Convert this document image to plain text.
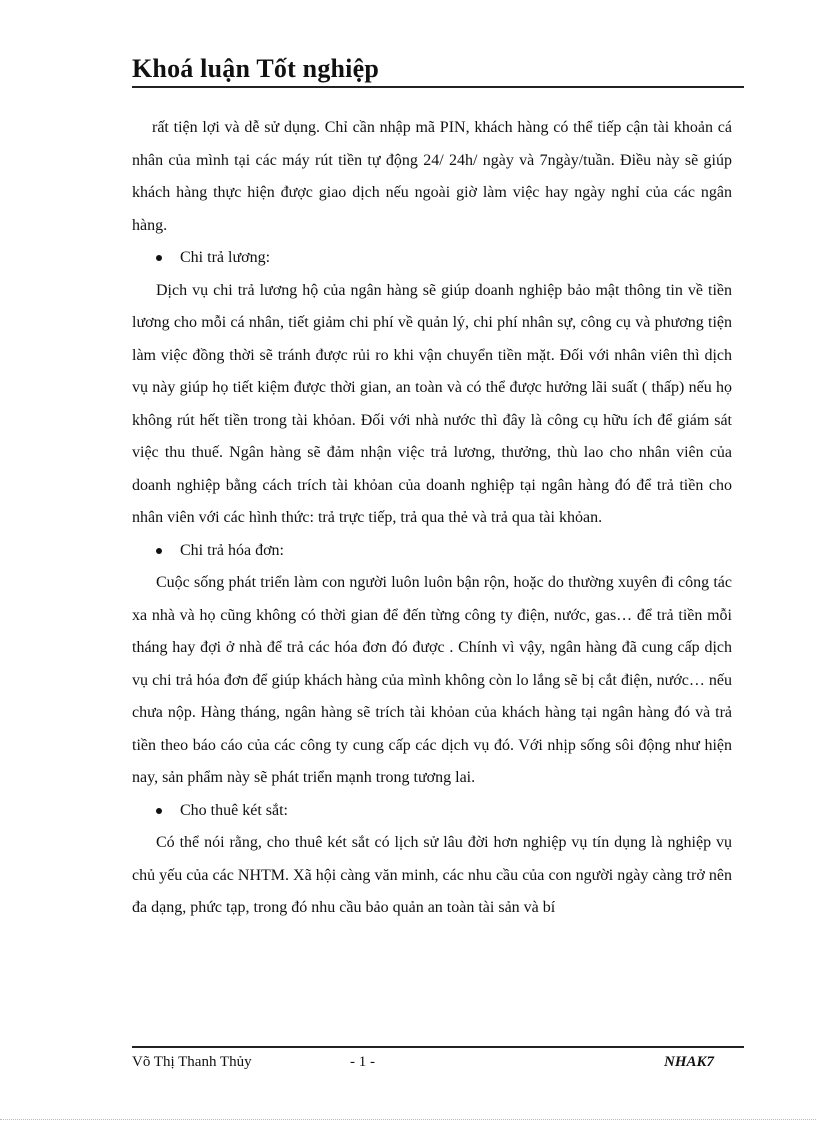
Khoá luận Tốt nghiệp

rất tiện lợi và dễ sử dụng. Chỉ cần nhập mã PIN, khách hàng có thể tiếp cận tài khoản cá nhân của mình tại các máy rút tiền tự động 24/ 24h/ ngày và 7ngày/tuần. Điều này sẽ giúp khách hàng thực hiện được giao dịch nếu ngoài giờ làm việc hay ngày nghỉ của các ngân hàng.

Chi trả lương:

Dịch vụ chi trả lương hộ của ngân hàng sẽ giúp doanh nghiệp bảo mật thông tin về tiền lương cho mỗi cá nhân, tiết giảm chi phí về quản lý, chi phí nhân sự, công cụ và phương tiện làm việc đồng thời sẽ tránh được rủi ro khi vận chuyển tiền mặt. Đối với nhân viên thì dịch vụ này giúp họ tiết kiệm được thời gian, an toàn và có thể được hưởng lãi suất ( thấp) nếu họ không rút hết tiền trong tài khỏan. Đối với nhà nước thì đây là công cụ hữu ích để giám sát việc thu thuế. Ngân hàng sẽ đảm nhận việc trả lương, thưởng, thù lao cho nhân viên của doanh nghiệp bằng cách trích tài khỏan của doanh nghiệp tại ngân hàng đó để trả tiền cho nhân viên với các hình thức: trả trực tiếp, trả qua thẻ và trả qua tài khỏan.

Chi trả hóa đơn:

Cuộc sống phát triển làm con người luôn luôn bận rộn, hoặc do thường xuyên đi công tác xa nhà và họ cũng không có thời gian để đến từng công ty điện, nước, gas… để trả tiền mỗi tháng hay đợi ở nhà để trả các hóa đơn đó được . Chính vì vậy, ngân hàng đã cung cấp dịch vụ chi trả hóa đơn để giúp khách hàng của mình không còn lo lắng sẽ bị cắt điện, nước… nếu chưa nộp. Hàng tháng, ngân hàng sẽ trích tài khỏan của khách hàng tại ngân hàng đó và trả tiền theo báo cáo của các công ty cung cấp các dịch vụ đó. Với nhịp sống sôi động như hiện nay, sản phẩm này sẽ phát triển mạnh trong tương lai.

Cho thuê két sắt:

Có thể nói rằng, cho thuê két sắt có lịch sử lâu đời hơn nghiệp vụ tín dụng là nghiệp vụ chủ yếu của các NHTM. Xã hội càng văn minh, các nhu cầu của con người ngày càng trở nên đa dạng, phức tạp, trong đó nhu cầu bảo quản an toàn tài sản và bí

Võ Thị Thanh Thủy	- 1 -	NHAK7
